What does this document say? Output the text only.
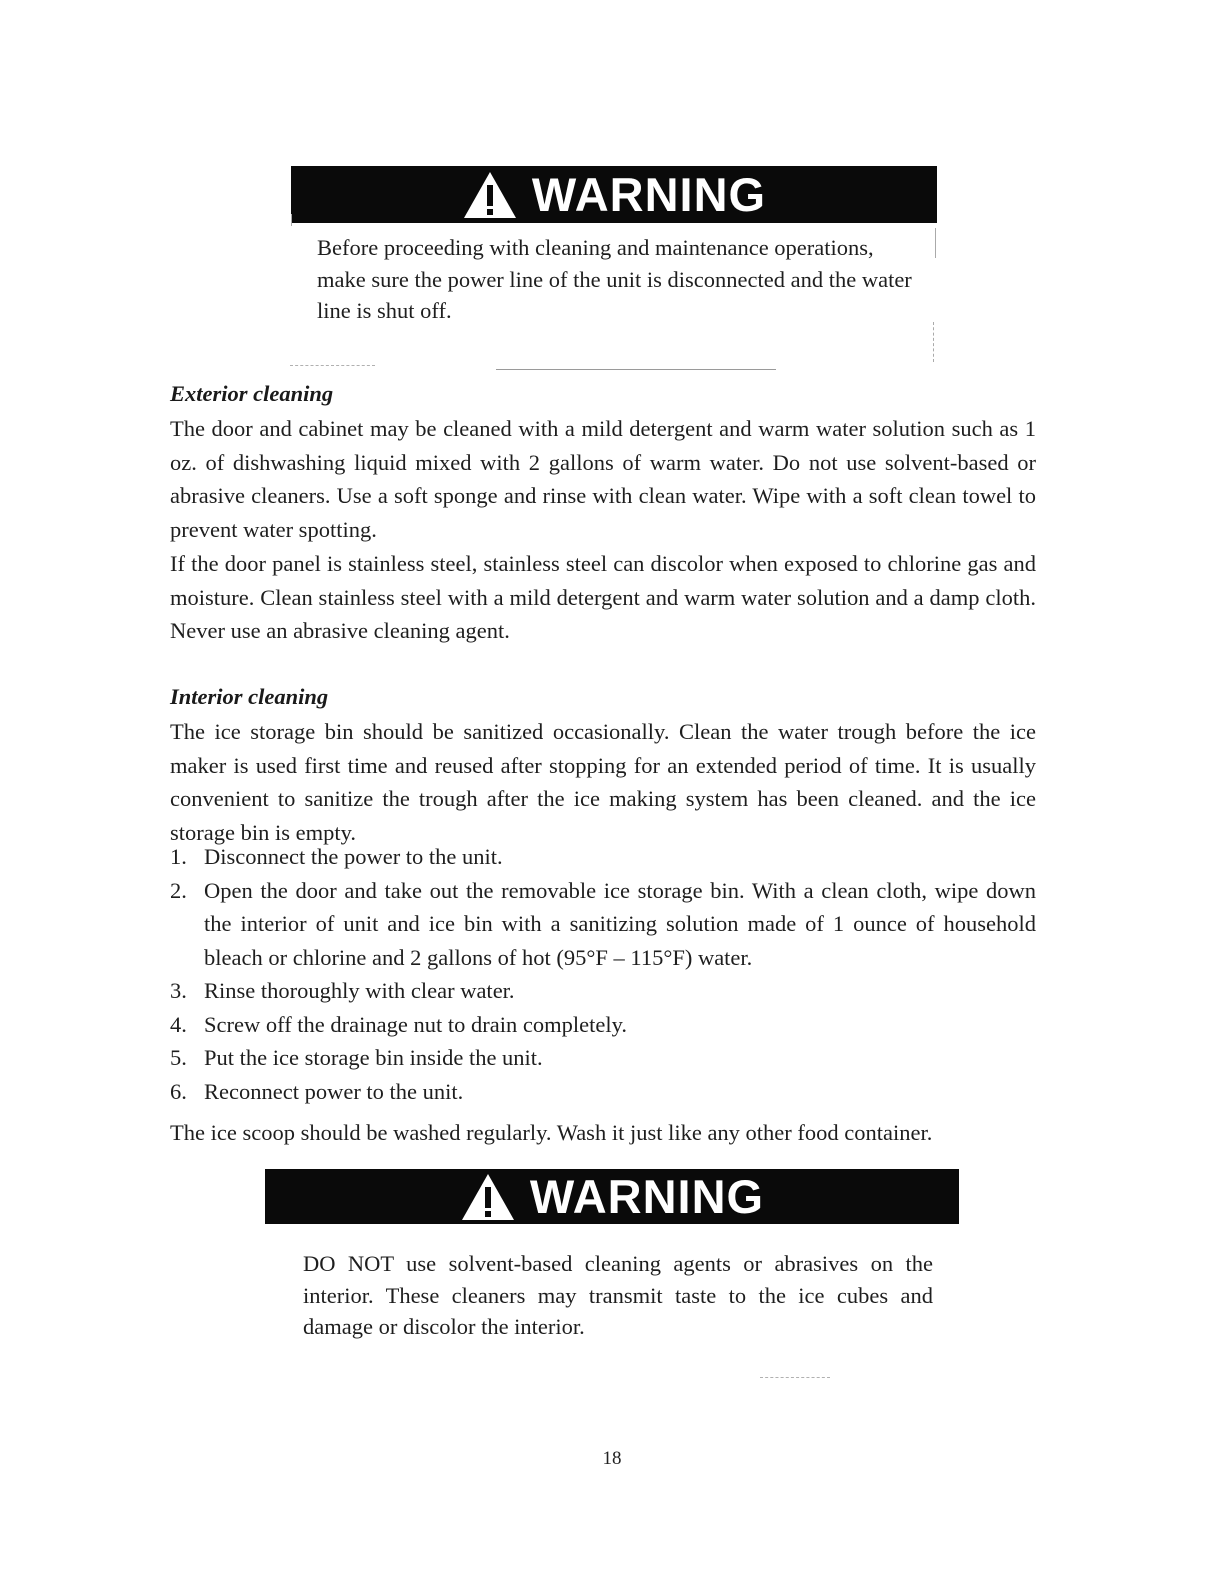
WARNING
Before proceeding with cleaning and maintenance operations, make sure the power line of the unit is disconnected and the water line is shut off.
Exterior cleaning

The door and cabinet may be cleaned with a mild detergent and warm water solution such as 1 oz. of dishwashing liquid mixed with 2 gallons of warm water. Do not use solvent-based or abrasive cleaners. Use a soft sponge and rinse with clean water. Wipe with a soft clean towel to prevent water spotting.

If the door panel is stainless steel, stainless steel can discolor when exposed to chlorine gas and moisture. Clean stainless steel with a mild detergent and warm water solution and a damp cloth. Never use an abrasive cleaning agent.

Interior cleaning

The ice storage bin should be sanitized occasionally. Clean the water trough before the ice maker is used first time and reused after stopping for an extended period of time. It is usually convenient to sanitize the trough after the ice making system has been cleaned. and the ice storage bin is empty.

1. Disconnect the power to the unit.
2. Open the door and take out the removable ice storage bin. With a clean cloth, wipe down the interior of unit and ice bin with a sanitizing solution made of 1 ounce of household bleach or chlorine and 2 gallons of hot (95°F – 115°F) water.
3. Rinse thoroughly with clear water.
4. Screw off the drainage nut to drain completely.
5. Put the ice storage bin inside the unit.
6. Reconnect power to the unit.

The ice scoop should be washed regularly. Wash it just like any other food container.

WARNING
DO NOT use solvent-based cleaning agents or abrasives on the interior. These cleaners may transmit taste to the ice cubes and damage or discolor the interior.
18
